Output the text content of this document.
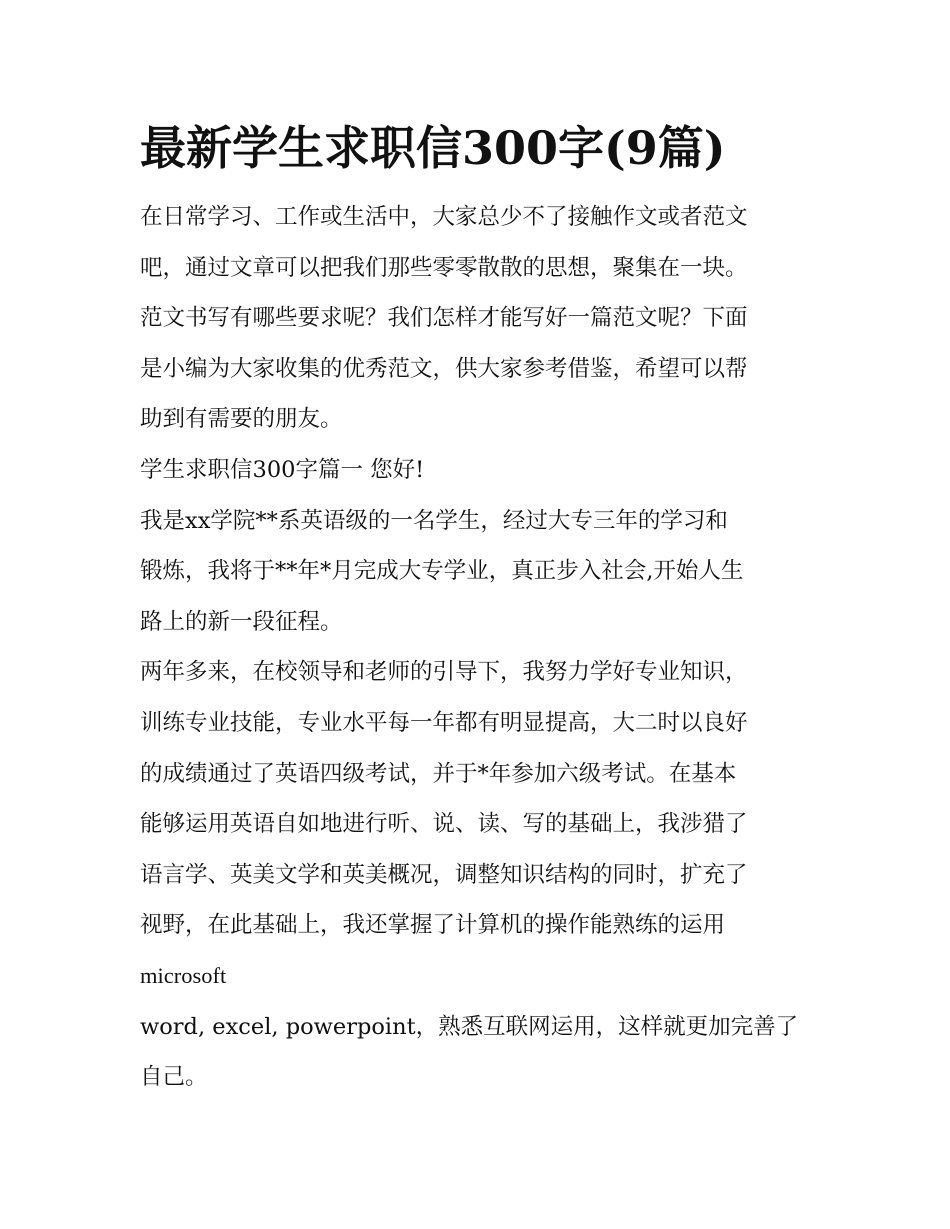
最新学生求职信300字(9篇)
在日常学习、工作或生活中，大家总少不了接触作文或者范文
吧，通过文章可以把我们那些零零散散的思想，聚集在一块。
范文书写有哪些要求呢？我们怎样才能写好一篇范文呢？下面
是小编为大家收集的优秀范文，供大家参考借鉴，希望可以帮
助到有需要的朋友。
学生求职信300字篇一 您好!
我是xx学院**系英语级的一名学生，经过大专三年的学习和
锻炼，我将于**年*月完成大专学业，真正步入社会,开始人生
路上的新一段征程。
两年多来，在校领导和老师的引导下，我努力学好专业知识，
训练专业技能，专业水平每一年都有明显提高，大二时以良好
的成绩通过了英语四级考试，并于*年参加六级考试。在基本
能够运用英语自如地进行听、说、读、写的基础上，我涉猎了
语言学、英美文学和英美概况，调整知识结构的同时，扩充了
视野，在此基础上，我还掌握了计算机的操作能熟练的运用
microsoft
word, excel, powerpoint，熟悉互联网运用，这样就更加完善了
自己。
